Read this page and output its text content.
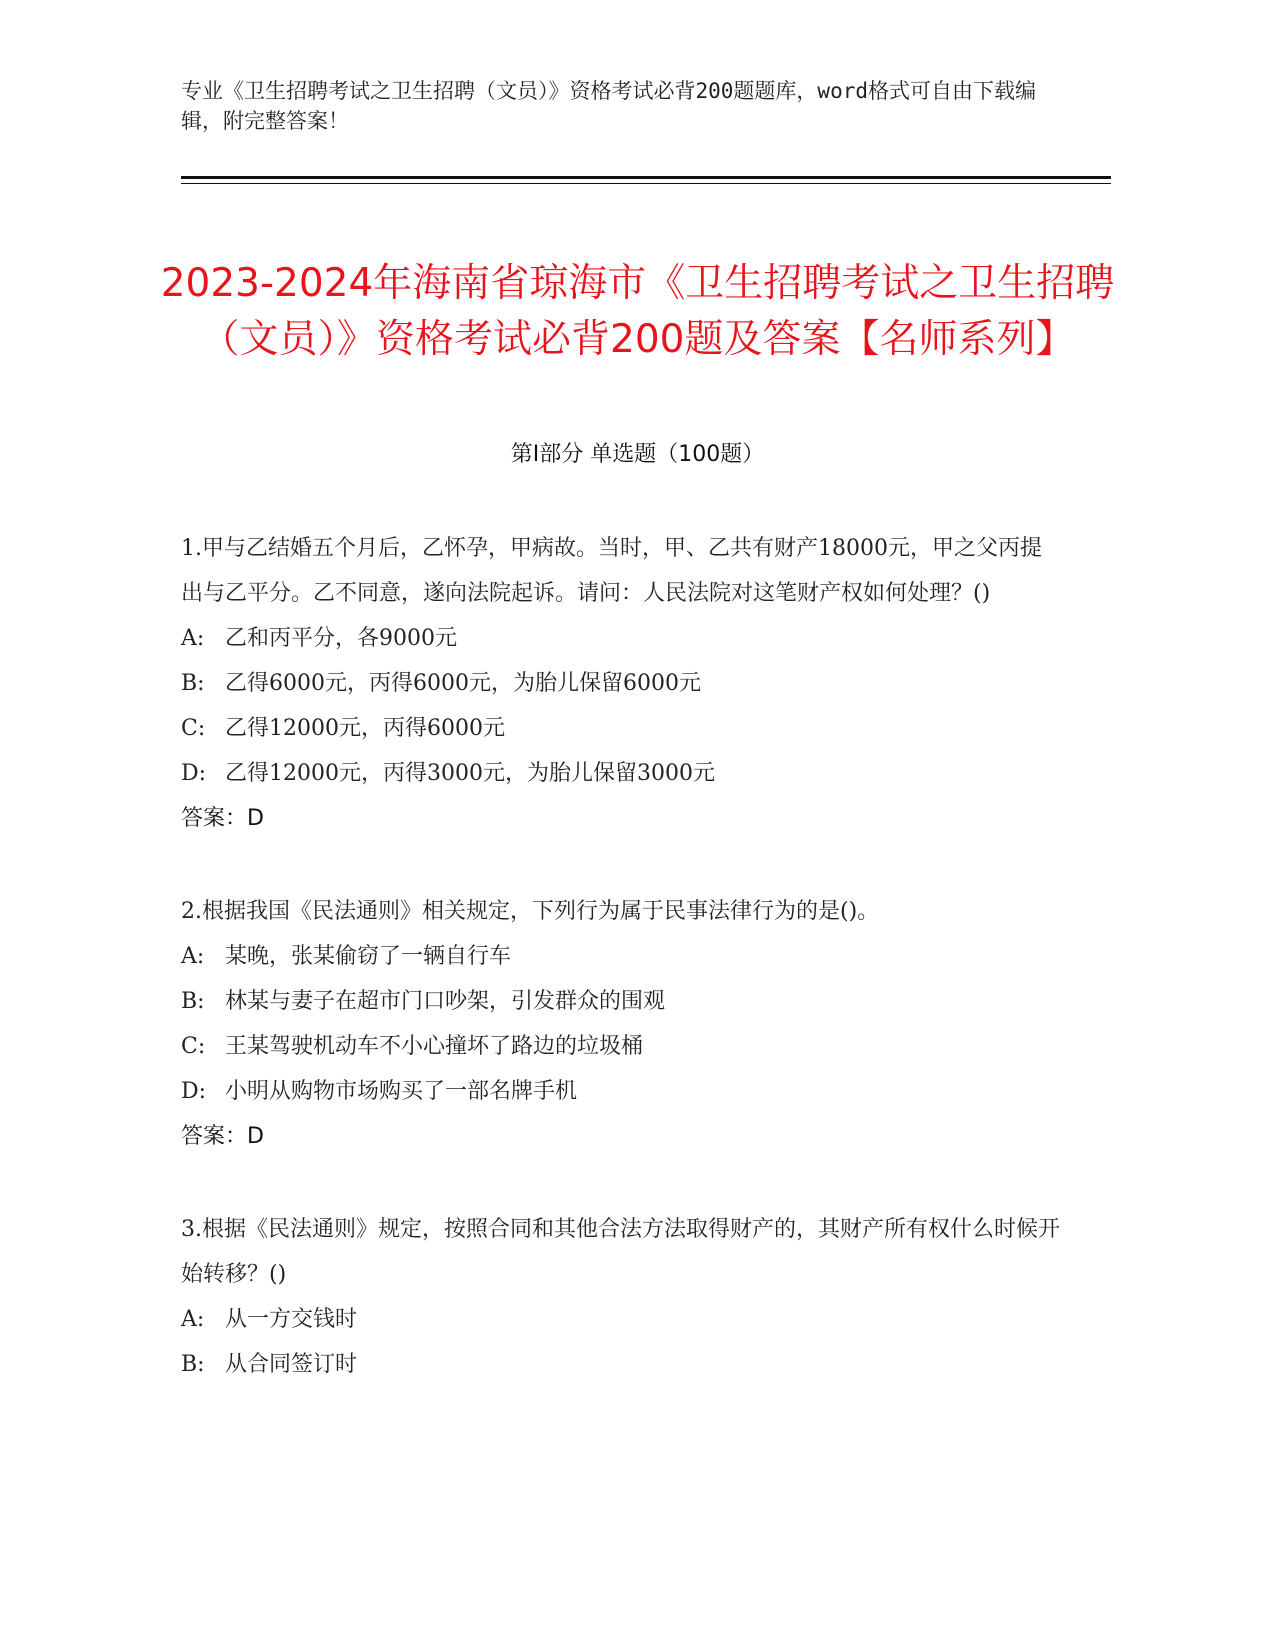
专业《卫生招聘考试之卫生招聘（文员）》资格考试必背200题题库，word格式可自由下载编辑，附完整答案！
2023-2024年海南省琼海市《卫生招聘考试之卫生招聘（文员）》资格考试必背200题及答案【名师系列】
第Ⅰ部分 单选题（100题）
1.甲与乙结婚五个月后，乙怀孕，甲病故。当时，甲、乙共有财产18000元，甲之父丙提出与乙平分。乙不同意，遂向法院起诉。请问：人民法院对这笔财产权如何处理？()
A: 乙和丙平分，各9000元
B: 乙得6000元，丙得6000元，为胎儿保留6000元
C: 乙得12000元，丙得6000元
D: 乙得12000元，丙得3000元，为胎儿保留3000元
答案：D
2.根据我国《民法通则》相关规定，下列行为属于民事法律行为的是()。
A: 某晚，张某偷窃了一辆自行车
B: 林某与妻子在超市门口吵架，引发群众的围观
C: 王某驾驶机动车不小心撞坏了路边的垃圾桶
D: 小明从购物市场购买了一部名牌手机
答案：D
3.根据《民法通则》规定，按照合同和其他合法方法取得财产的，其财产所有权什么时候开始转移？()
A: 从一方交钱时
B: 从合同签订时
